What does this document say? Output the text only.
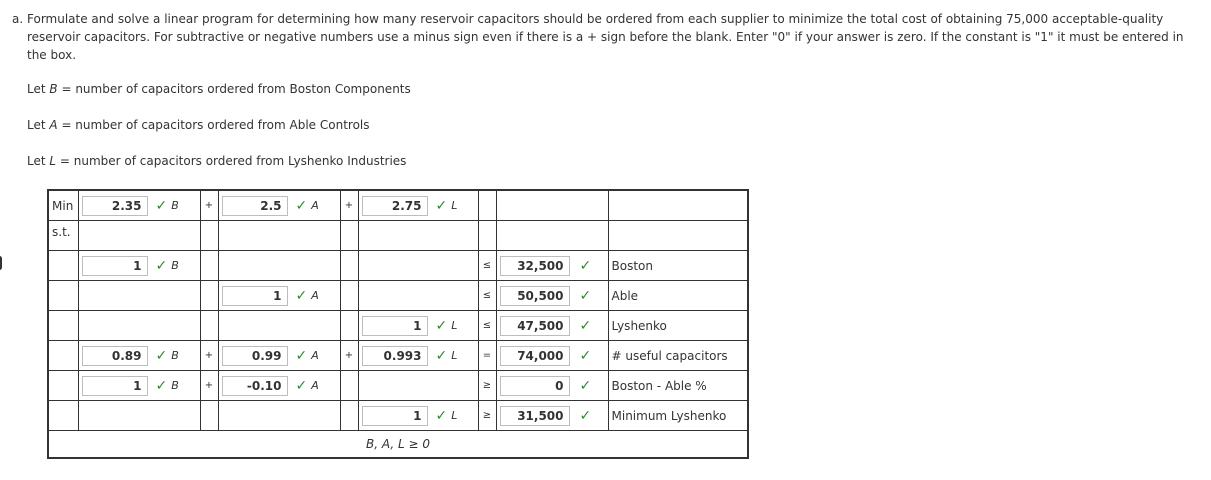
a. Formulate and solve a linear program for determining how many reservoir capacitors should be ordered from each supplier to minimize the total cost of obtaining 75,000 acceptable-quality
reservoir capacitors. For subtractive or negative numbers use a minus sign even if there is a + sign before the blank. Enter "0" if your answer is zero. If the constant is "1" it must be entered in
the box.
Let B = number of capacitors ordered from Boston Components
Let A = number of capacitors ordered from Able Controls
Let L = number of capacitors ordered from Lyshenko Industries
Min	2.35 ✓ B	+	2.5 ✓ A	+	2.75 ✓ L			

s.t.								

	1 ✓ B					≤	32,500 ✓	Boston

			1 ✓ A			≤	50,500 ✓	Able

					1 ✓ L	≤	47,500 ✓	Lyshenko

	0.89 ✓ B	+	0.99 ✓ A	+	0.993 ✓ L	=	74,000 ✓	# useful capacitors

	1 ✓ B	+	-0.10 ✓ A			≥	0 ✓	Boston - Able %

					1 ✓ L	≥	31,500 ✓	Minimum Lyshenko
B, A, L ≥ 0								
